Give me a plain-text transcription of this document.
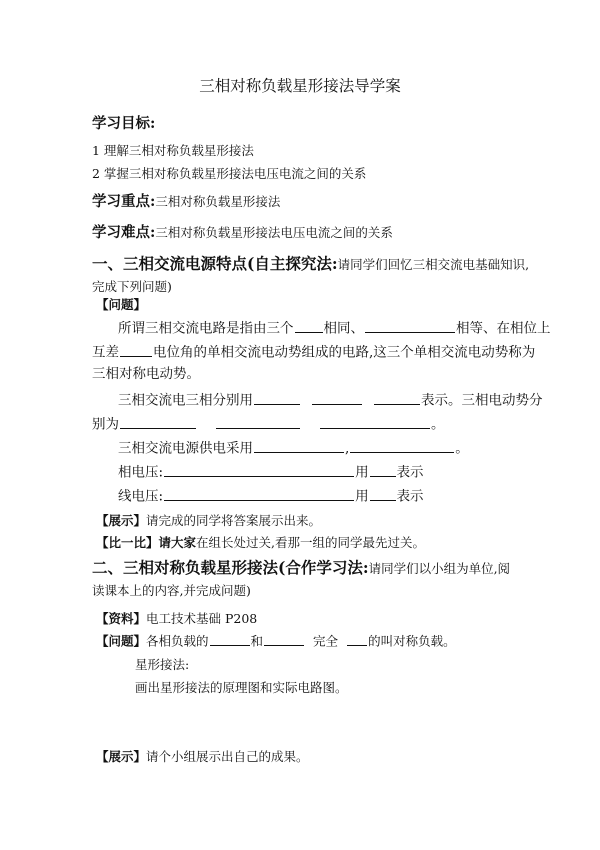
三相对称负载星形接法导学案
学习目标:
1 理解三相对称负载星形接法
2 掌握三相对称负载星形接法电压电流之间的关系
学习重点:三相对称负载星形接法
学习难点:三相对称负载星形接法电压电流之间的关系
一、三相交流电源特点(自主探究法:请同学们回忆三相交流电基础知识,
完成下列问题)
【问题】
所谓三相交流电路是指由三个 相同、	相等、在相位上
互差	电位角的单相交流电动势组成的电路,这三个单相交流电动势称为
三相对称电动势。
三相交流电三相分别用	表示。三相电动势分
别为	。
三相交流电源供电采用	,	。
相电压:	用 表示
线电压:	用 表示
【展示】请完成的同学将答案展示出来。
【比一比】请大家在组长处过关,看那一组的同学最先过关。
二、三相对称负载星形接法(合作学习法:请同学们以小组为单位,阅
读课本上的内容,并完成问题)
【资料】电工技术基础 P208
【问题】各相负载的	和	完全 的叫对称负载。
星形接法:
画出星形接法的原理图和实际电路图。
【展示】请个小组展示出自己的成果。
